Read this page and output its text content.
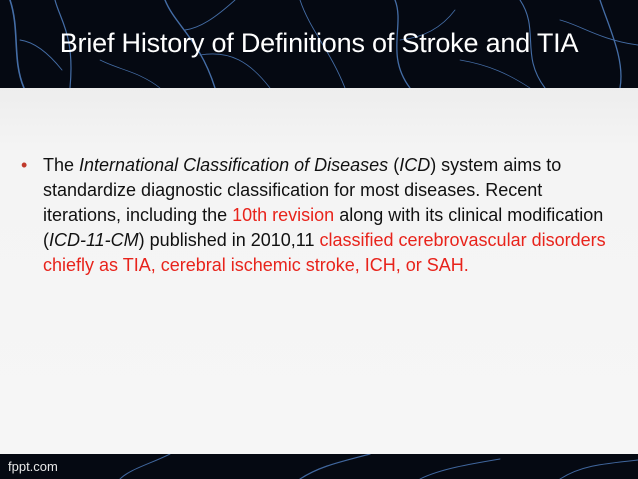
Brief History of Definitions of Stroke and TIA
• The International Classification of Diseases (ICD) system aims to standardize diagnostic classification for most diseases. Recent iterations, including the 10th revision along with its clinical modification (ICD-11-CM) published in 2010,11 classified cerebrovascular disorders chiefly as TIA, cerebral ischemic stroke, ICH, or SAH.
fppt.com
